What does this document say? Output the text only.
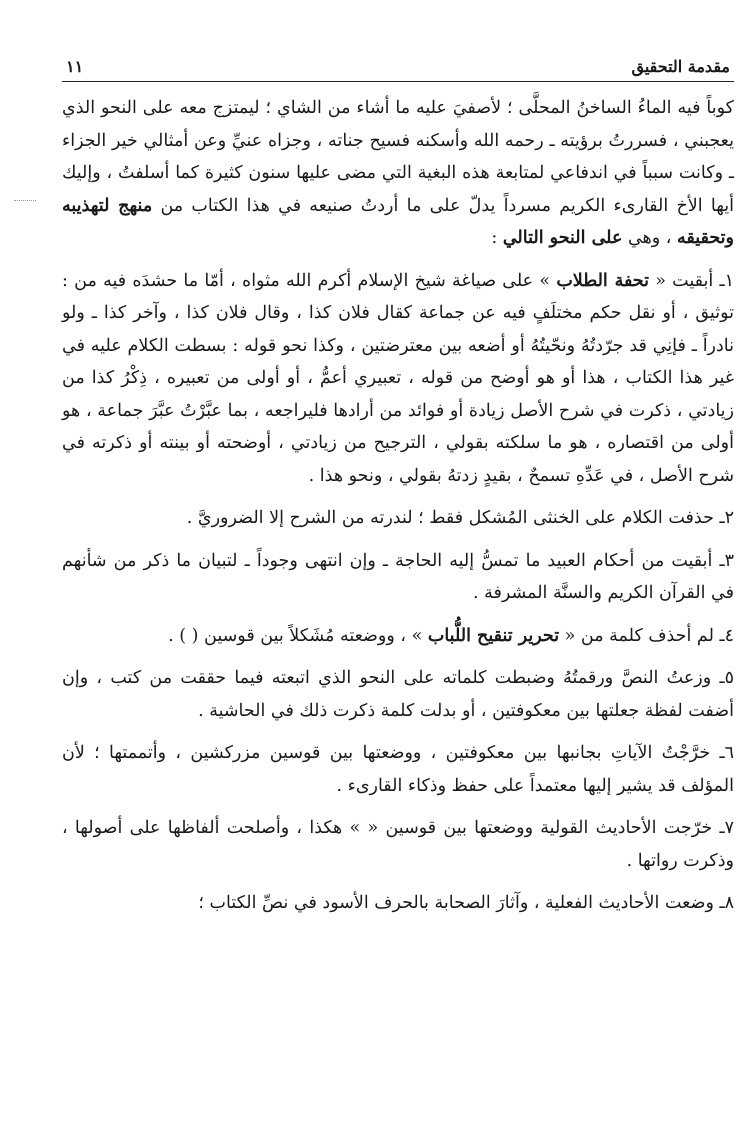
مقدمة التحقيق
١١

كوباً فيه الماءُ الساخنُ المحلَّى ؛ لأصفيَ عليه ما أشاء من الشاي ؛ ليمتزج معه على النحو الذي يعجبني ، فسررتُ برؤيته ـ رحمه الله وأسكنه فسيح جناته ، وجزاه عنيِّ وعن أمثالي خير الجزاء ـ وكانت سبباً في اندفاعي لمتابعة هذه البغية التي مضى عليها سنون كثيرة كما أسلفتُ ، وإليك أيها الأخ القارىء الكريم مسرداً يدلّ على ما أردتُ صنيعه في هذا الكتاب من منهج لتهذيبه وتحقيقه ، وهي على النحو التالي :

١ـ أبقيت « تحفة الطلاب » على صياغة شيخ الإسلام أكرم الله مثواه ، أمّا ما حشدَه فيه من : توثيق ، أو نقل حكم مختلَفٍ فيه عن جماعة كقال فلان كذا ، وقال فلان كذا ، وآخر كذا ـ ولو نادراً ـ فإنِي قد جرّدتُهُ ونحّيتُهُ أو أضعه بين معترضتين ، وكذا نحو قوله : بسطت الكلام عليه في غير هذا الكتاب ، هذا أو هو أوضح من قوله ، تعبيري أعمُّ ، أو أولى من تعبيره ، ذِكْرُ كذا من زيادتي ، ذكرت في شرح الأصل زيادة أو فوائد من أرادها فليراجعه ، بما عبَّرْتُ عبَّرَ جماعة ، هو أولى من اقتصاره ، هو ما سلكته بقولي ، الترجيح من زيادتي ، أوضحته أو بينته أو ذكرته في شرح الأصل ، في عَدِّهِ تسمحٌ ، بقيدٍ زدتهُ بقولي ، ونحو هذا .

٢ـ حذفت الكلام على الخنثى المُشكل فقط ؛ لندرته من الشرح إلا الضروريَّ .

٣ـ أبقيت من أحكام العبيد ما تمسُّ إليه الحاجة ـ وإن انتهى وجوداً ـ لتبيان ما ذكر من شأنهم في القرآن الكريم والسنَّة المشرفة .

٤ـ لم أحذف كلمة من « تحرير تنقيح اللُّباب » ، ووضعته مُشَكلاً بين قوسين ( ) .

٥ـ وزعتُ النصَّ ورقمتُهُ وضبطت كلماته على النحو الذي اتبعته فيما حققت من كتب ، وإن أضفت لفظة جعلتها بين معكوفتين ، أو بدلت كلمة ذكرت ذلك في الحاشية .

٦ـ خرَّجْتُ الآياتِ بجانبها بين معكوفتين ، ووضعتها بين قوسين مزركشين ، وأتممتها ؛ لأن المؤلف قد يشير إليها معتمداً على حفظ وذكاء القارىء .

٧ـ خرّجت الأحاديث القولية ووضعتها بين قوسين « » هكذا ، وأصلحت ألفاظها على أصولها ، وذكرت رواتها .

٨ـ وضعت الأحاديث الفعلية ، وآثارَ الصحابة بالحرف الأسود في نصِّ الكتاب ؛
